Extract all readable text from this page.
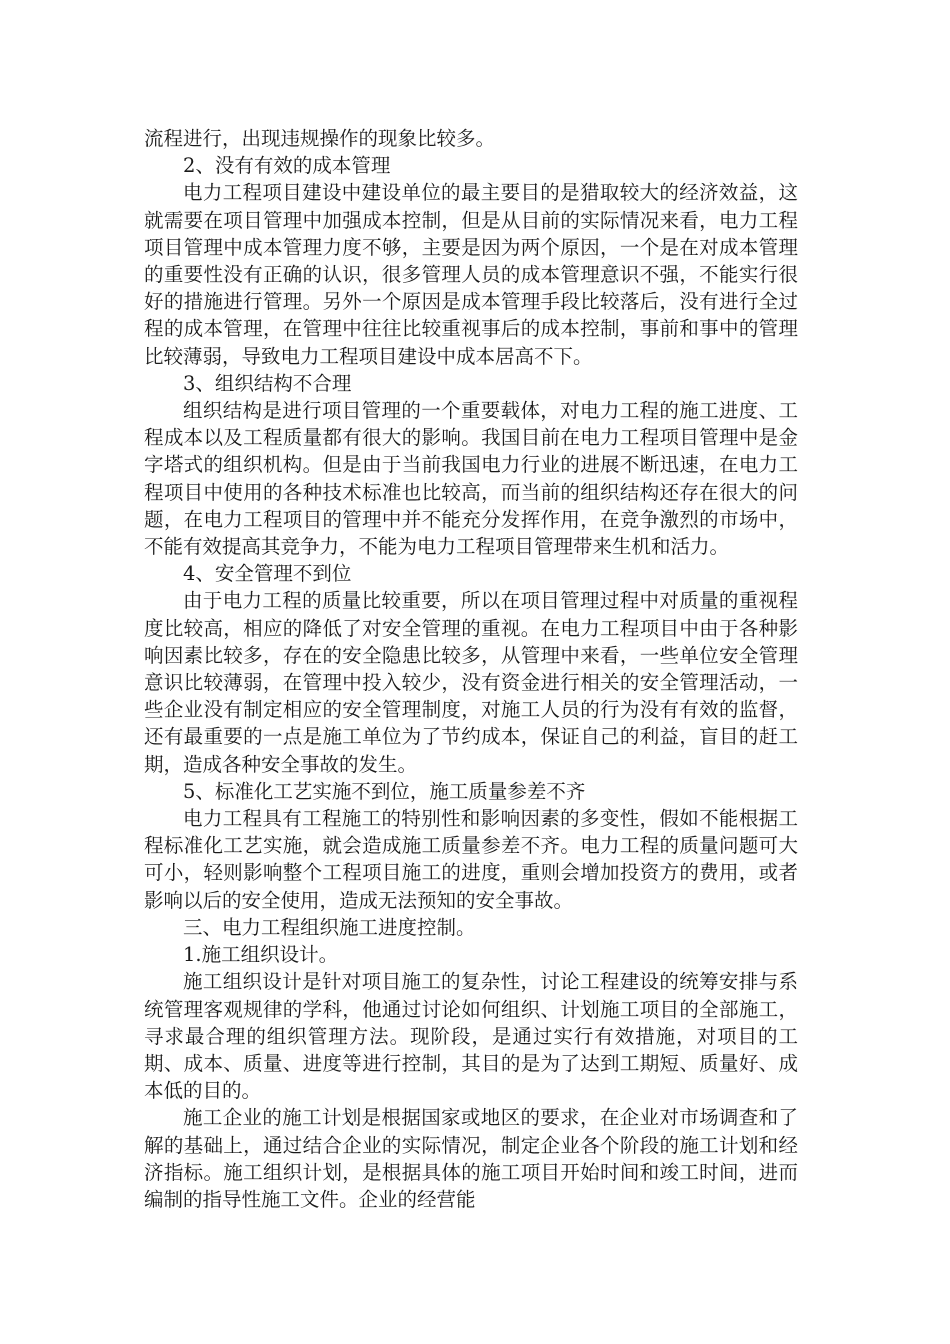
流程进行，出现违规操作的现象比较多。

2、没有有效的成本管理

电力工程项目建设中建设单位的最主要目的是猎取较大的经济效益，这就需要在项目管理中加强成本控制，但是从目前的实际情况来看，电力工程项目管理中成本管理力度不够，主要是因为两个原因，一个是在对成本管理的重要性没有正确的认识，很多管理人员的成本管理意识不强，不能实行很好的措施进行管理。另外一个原因是成本管理手段比较落后，没有进行全过程的成本管理，在管理中往往比较重视事后的成本控制，事前和事中的管理比较薄弱，导致电力工程项目建设中成本居高不下。

3、组织结构不合理

组织结构是进行项目管理的一个重要载体，对电力工程的施工进度、工程成本以及工程质量都有很大的影响。我国目前在电力工程项目管理中是金字塔式的组织机构。但是由于当前我国电力行业的进展不断迅速，在电力工程项目中使用的各种技术标准也比较高，而当前的组织结构还存在很大的问题，在电力工程项目的管理中并不能充分发挥作用，在竞争激烈的市场中，不能有效提高其竞争力，不能为电力工程项目管理带来生机和活力。

4、安全管理不到位

由于电力工程的质量比较重要，所以在项目管理过程中对质量的重视程度比较高，相应的降低了对安全管理的重视。在电力工程项目中由于各种影响因素比较多，存在的安全隐患比较多，从管理中来看，一些单位安全管理意识比较薄弱，在管理中投入较少，没有资金进行相关的安全管理活动，一些企业没有制定相应的安全管理制度，对施工人员的行为没有有效的监督，还有最重要的一点是施工单位为了节约成本，保证自己的利益，盲目的赶工期，造成各种安全事故的发生。

5、标准化工艺实施不到位，施工质量参差不齐

电力工程具有工程施工的特别性和影响因素的多变性，假如不能根据工程标准化工艺实施，就会造成施工质量参差不齐。电力工程的质量问题可大可小，轻则影响整个工程项目施工的进度，重则会增加投资方的费用，或者影响以后的安全使用，造成无法预知的安全事故。

三、电力工程组织施工进度控制。

1.施工组织设计。

施工组织设计是针对项目施工的复杂性，讨论工程建设的统筹安排与系统管理客观规律的学科，他通过讨论如何组织、计划施工项目的全部施工，寻求最合理的组织管理方法。现阶段，是通过实行有效措施，对项目的工期、成本、质量、进度等进行控制，其目的是为了达到工期短、质量好、成本低的目的。

施工企业的施工计划是根据国家或地区的要求，在企业对市场调查和了解的基础上，通过结合企业的实际情况，制定企业各个阶段的施工计划和经济指标。施工组织计划，是根据具体的施工项目开始时间和竣工时间，进而编制的指导性施工文件。企业的经营能
